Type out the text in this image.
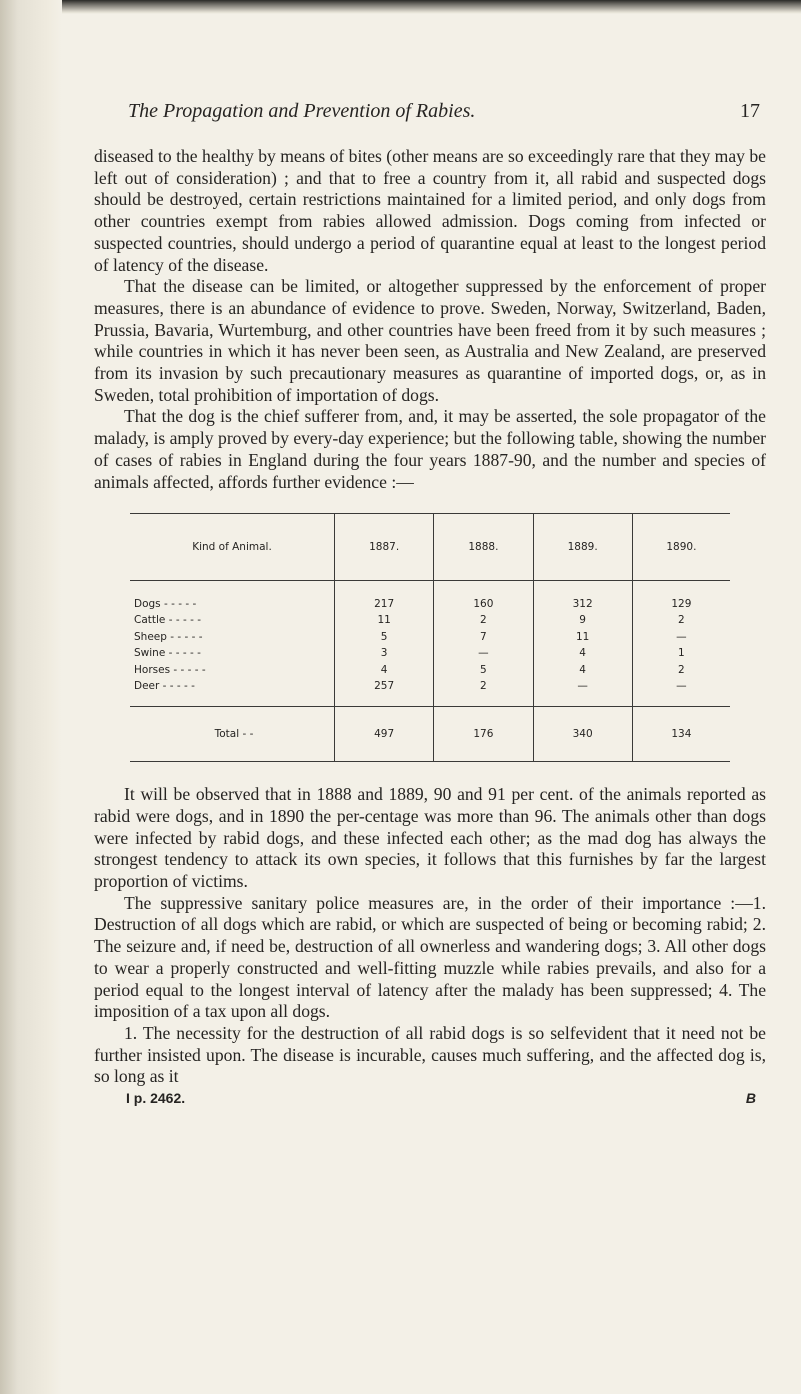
The Propagation and Prevention of Rabies.	17

diseased to the healthy by means of bites (other means are so exceedingly rare that they may be left out of consideration) ; and that to free a country from it, all rabid and suspected dogs should be destroyed, certain restrictions maintained for a limited period, and only dogs from other countries exempt from rabies allowed admission. Dogs coming from infected or suspected countries, should undergo a period of quarantine equal at least to the longest period of latency of the disease.

That the disease can be limited, or altogether suppressed by the enforcement of proper measures, there is an abundance of evidence to prove. Sweden, Norway, Switzerland, Baden, Prussia, Bavaria, Wurtemburg, and other countries have been freed from it by such measures ; while countries in which it has never been seen, as Australia and New Zealand, are preserved from its invasion by such precautionary measures as quarantine of imported dogs, or, as in Sweden, total prohibition of importation of dogs.

That the dog is the chief sufferer from, and, it may be asserted, the sole propagator of the malady, is amply proved by every-day experience; but the following table, showing the number of cases of rabies in England during the four years 1887-90, and the number and species of animals affected, affords further evidence :—

Kind of Animal.	1887.	1888.	1889.	1890.
Dogs - - - - -	217	160	312	129
Cattle - - - - -	11	2	9	2
Sheep - - - - -	5	7	11	—
Swine - - - - -	3	—	4	1
Horses - - - - -	4	5	4	2
Deer - - - - -	257	2	—	—
Total - -	497	176	340	134

It will be observed that in 1888 and 1889, 90 and 91 per cent. of the animals reported as rabid were dogs, and in 1890 the per-centage was more than 96. The animals other than dogs were infected by rabid dogs, and these infected each other; as the mad dog has always the strongest tendency to attack its own species, it follows that this furnishes by far the largest proportion of victims.

The suppressive sanitary police measures are, in the order of their importance :—1. Destruction of all dogs which are rabid, or which are suspected of being or becoming rabid; 2. The seizure and, if need be, destruction of all ownerless and wandering dogs; 3. All other dogs to wear a properly constructed and well-fitting muzzle while rabies prevails, and also for a period equal to the longest interval of latency after the malady has been suppressed; 4. The imposition of a tax upon all dogs.

1. The necessity for the destruction of all rabid dogs is so selfevident that it need not be further insisted upon. The disease is incurable, causes much suffering, and the affected dog is, so long as it

I p. 2462.	B
